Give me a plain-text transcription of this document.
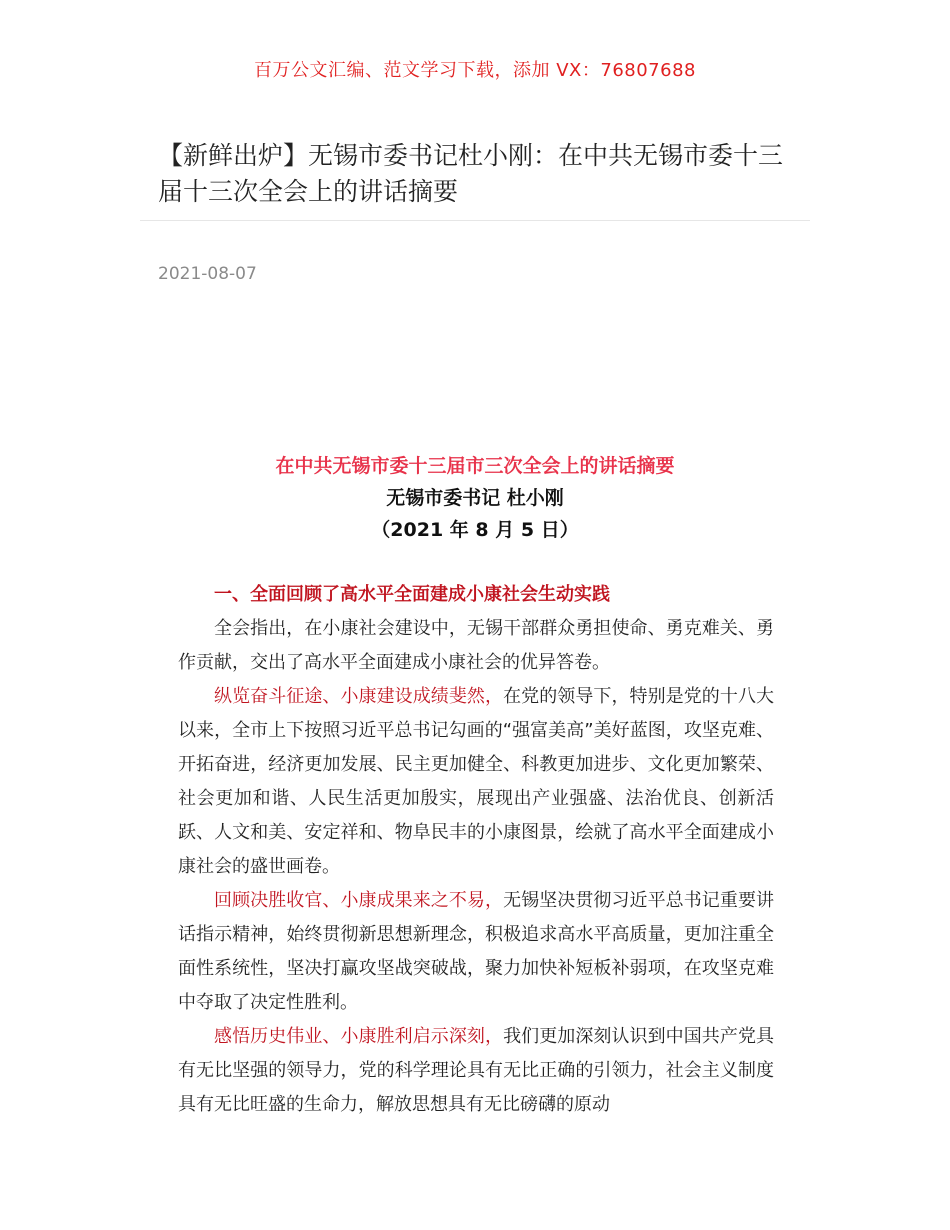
百万公文汇编、范文学习下载，添加 VX：76807688
【新鲜出炉】无锡市委书记杜小刚：在中共无锡市委十三届十三次全会上的讲话摘要
2021-08-07
在中共无锡市委十三届市三次全会上的讲话摘要
无锡市委书记 杜小刚
（2021 年 8 月 5 日）

一、全面回顾了高水平全面建成小康社会生动实践

全会指出，在小康社会建设中，无锡干部群众勇担使命、勇克难关、勇作贡献，交出了高水平全面建成小康社会的优异答卷。

纵览奋斗征途、小康建设成绩斐然，在党的领导下，特别是党的十八大以来，全市上下按照习近平总书记勾画的“强富美高”美好蓝图，攻坚克难、开拓奋进，经济更加发展、民主更加健全、科教更加进步、文化更加繁荣、社会更加和谐、人民生活更加殷实，展现出产业强盛、法治优良、创新活跃、人文和美、安定祥和、物阜民丰的小康图景，绘就了高水平全面建成小康社会的盛世画卷。

回顾决胜收官、小康成果来之不易，无锡坚决贯彻习近平总书记重要讲话指示精神，始终贯彻新思想新理念，积极追求高水平高质量，更加注重全面性系统性，坚决打赢攻坚战突破战，聚力加快补短板补弱项，在攻坚克难中夺取了决定性胜利。

感悟历史伟业、小康胜利启示深刻，我们更加深刻认识到中国共产党具有无比坚强的领导力，党的科学理论具有无比正确的引领力，社会主义制度具有无比旺盛的生命力，解放思想具有无比磅礴的原动
